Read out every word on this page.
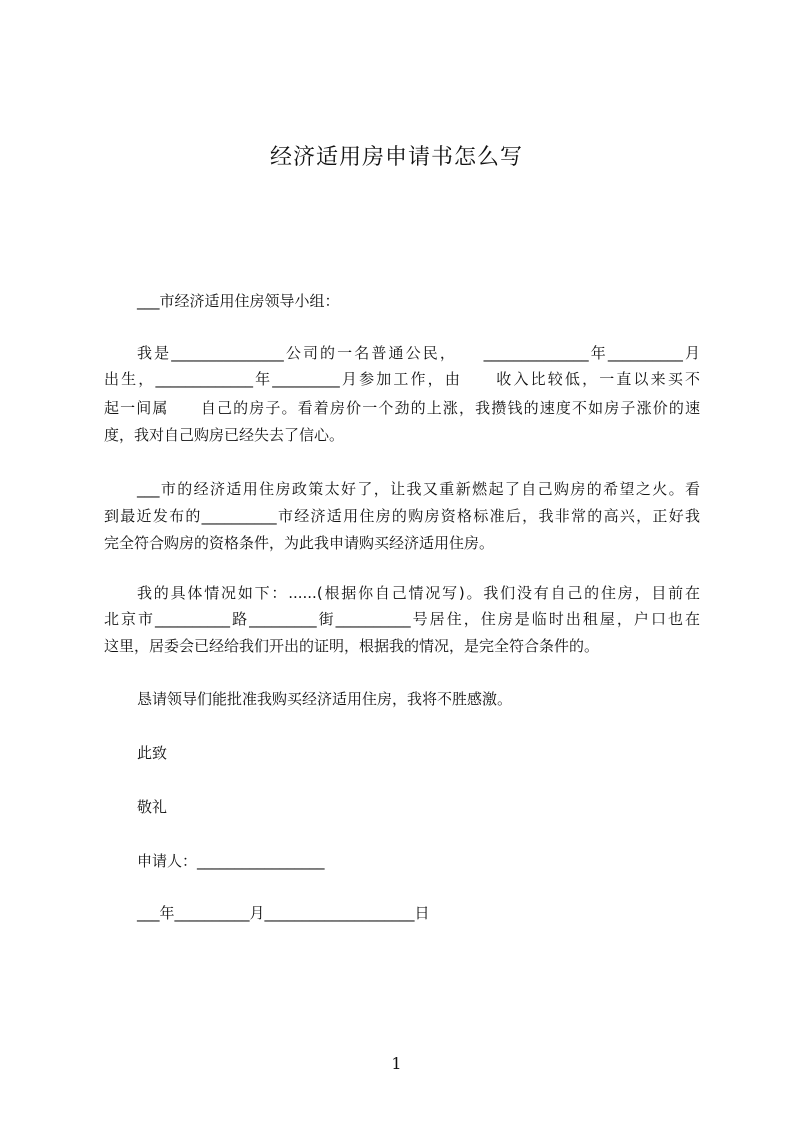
经济适用房申请书怎么写
___市经济适用住房领导小组：
我是_______________公司的一名普通公民，　　______________年__________月
出生，_____________年_________月参加工作，由　　收入比较低，一直以来买不
起一间属　　自己的房子。看着房价一个劲的上涨，我攒钱的速度不如房子涨价的速
度，我对自己购房已经失去了信心。
___市的经济适用住房政策太好了，让我又重新燃起了自己购房的希望之火。看
到最近发布的__________市经济适用住房的购房资格标准后，我非常的高兴，正好我
完全符合购房的资格条件，为此我申请购买经济适用住房。
我的具体情况如下：......(根据你自己情况写)。我们没有自己的住房，目前在
北京市__________路_________街__________号居住，住房是临时出租屋，户口也在
这里，居委会已经给我们开出的证明，根据我的情况，是完全符合条件的。
恳请领导们能批准我购买经济适用住房，我将不胜感激。
此致
敬礼
申请人：_________________
___年__________月____________________日
1
